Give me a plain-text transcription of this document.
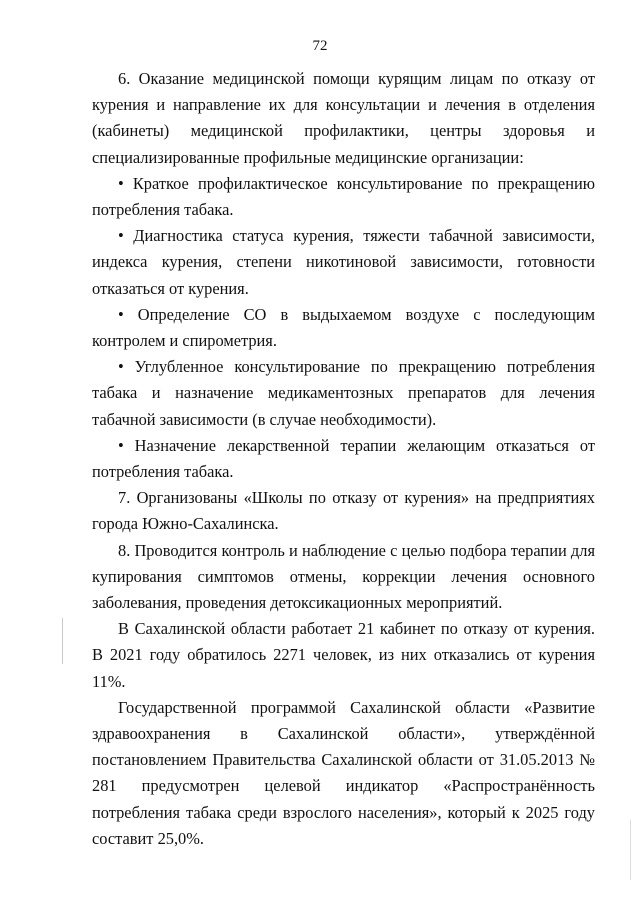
72

6. Оказание медицинской помощи курящим лицам по отказу от курения и направление их для консультации и лечения в отделения (кабинеты) медицинской профилактики, центры здоровья и специализированные профильные медицинские организации:

• Краткое профилактическое консультирование по прекращению потребления табака.

• Диагностика статуса курения, тяжести табачной зависимости, индекса курения, степени никотиновой зависимости, готовности отказаться от курения.

• Определение СО в выдыхаемом воздухе с последующим контролем и спирометрия.

• Углубленное консультирование по прекращению потребления табака и назначение медикаментозных препаратов для лечения табачной зависимости (в случае необходимости).

• Назначение лекарственной терапии желающим отказаться от потребления табака.

7. Организованы «Школы по отказу от курения» на предприятиях города Южно-Сахалинска.

8. Проводится контроль и наблюдение с целью подбора терапии для купирования симптомов отмены, коррекции лечения основного заболевания, проведения детоксикационных мероприятий.

В Сахалинской области работает 21 кабинет по отказу от курения. В 2021 году обратилось 2271 человек, из них отказались от курения 11%.

Государственной программой Сахалинской области «Развитие здравоохранения в Сахалинской области», утверждённой постановлением Правительства Сахалинской области от 31.05.2013 № 281 предусмотрен целевой индикатор «Распространённость потребления табака среди взрослого населения», который к 2025 году составит 25,0%.
